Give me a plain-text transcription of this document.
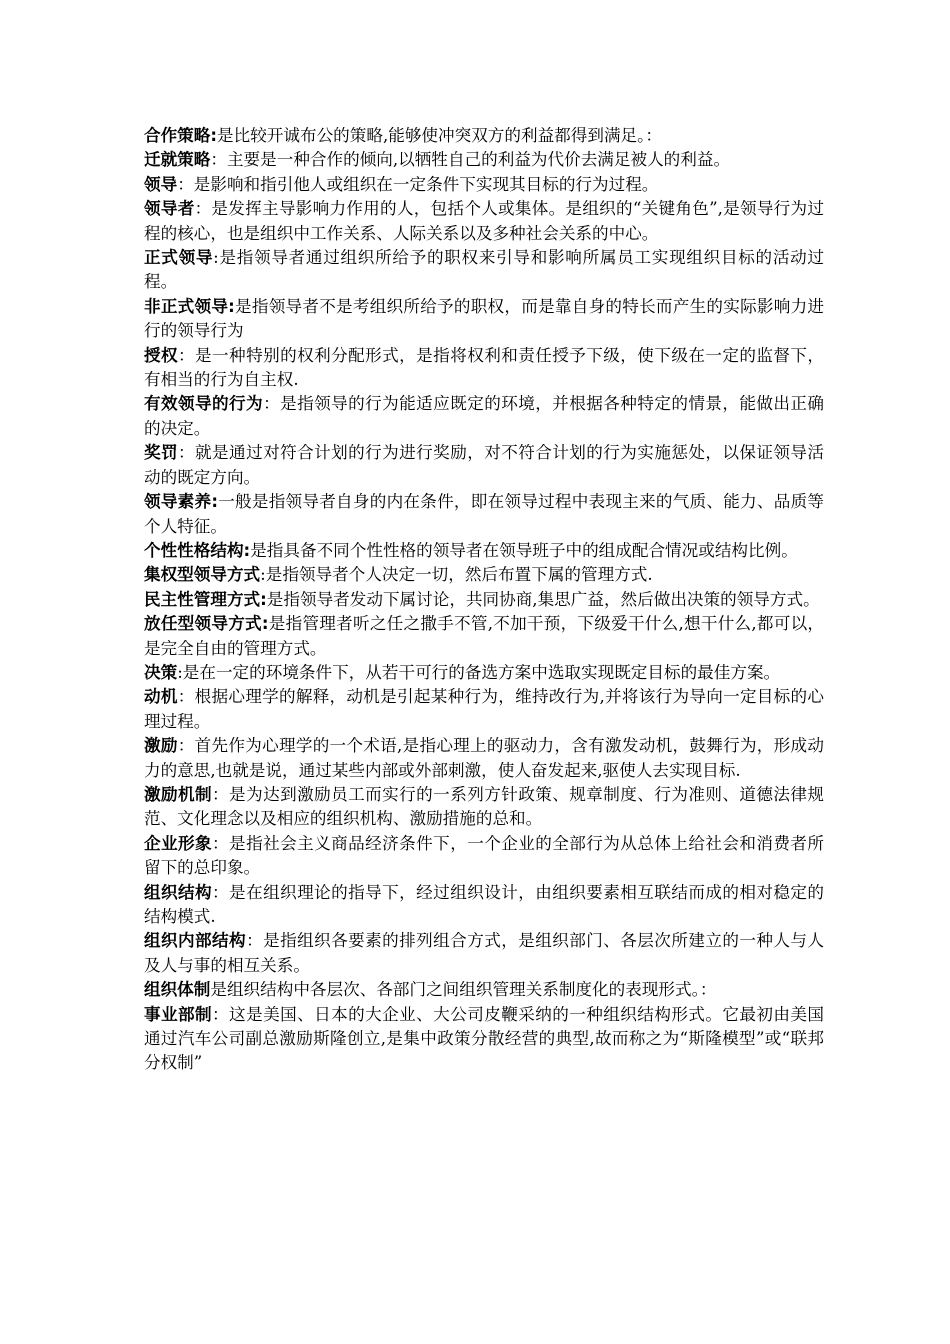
合作策略:是比较开诚布公的策略,能够使冲突双方的利益都得到满足。：

迁就策略：主要是一种合作的倾向,以牺牲自己的利益为代价去满足被人的利益。

领导：是影响和指引他人或组织在一定条件下实现其目标的行为过程。

领导者：是发挥主导影响力作用的人，包括个人或集体。是组织的“关键角色”,是领导行为过程的核心，也是组织中工作关系、人际关系以及多种社会关系的中心。

正式领导:是指领导者通过组织所给予的职权来引导和影响所属员工实现组织目标的活动过程。

非正式领导:是指领导者不是考组织所给予的职权，而是靠自身的特长而产生的实际影响力进行的领导行为

授权：是一种特别的权利分配形式，是指将权利和责任授予下级，使下级在一定的监督下，有相当的行为自主权.

有效领导的行为：是指领导的行为能适应既定的环境，并根据各种特定的情景，能做出正确的决定。

奖罚：就是通过对符合计划的行为进行奖励，对不符合计划的行为实施惩处，以保证领导活动的既定方向。

领导素养:一般是指领导者自身的内在条件，即在领导过程中表现主来的气质、能力、品质等个人特征。

个性性格结构:是指具备不同个性性格的领导者在领导班子中的组成配合情况或结构比例。

集权型领导方式:是指领导者个人决定一切，然后布置下属的管理方式.

民主性管理方式:是指领导者发动下属讨论，共同协商,集思广益，然后做出决策的领导方式。

放任型领导方式:是指管理者听之任之撒手不管,不加干预，下级爱干什么,想干什么,都可以，是完全自由的管理方式。

决策:是在一定的环境条件下，从若干可行的备选方案中选取实现既定目标的最佳方案。

动机：根据心理学的解释，动机是引起某种行为，维持改行为,并将该行为导向一定目标的心理过程。

激励：首先作为心理学的一个术语,是指心理上的驱动力，含有激发动机，鼓舞行为，形成动力的意思,也就是说，通过某些内部或外部刺激，使人奋发起来,驱使人去实现目标.

激励机制：是为达到激励员工而实行的一系列方针政策、规章制度、行为准则、道德法律规范、文化理念以及相应的组织机构、激励措施的总和。

企业形象：是指社会主义商品经济条件下，一个企业的全部行为从总体上给社会和消费者所留下的总印象。

组织结构：是在组织理论的指导下，经过组织设计，由组织要素相互联结而成的相对稳定的结构模式.

组织内部结构：是指组织各要素的排列组合方式，是组织部门、各层次所建立的一种人与人及人与事的相互关系。

组织体制是组织结构中各层次、各部门之间组织管理关系制度化的表现形式。：

事业部制：这是美国、日本的大企业、大公司皮鞭采纳的一种组织结构形式。它最初由美国通过汽车公司副总激励斯隆创立,是集中政策分散经营的典型,故而称之为“斯隆模型”或“联邦分权制”
